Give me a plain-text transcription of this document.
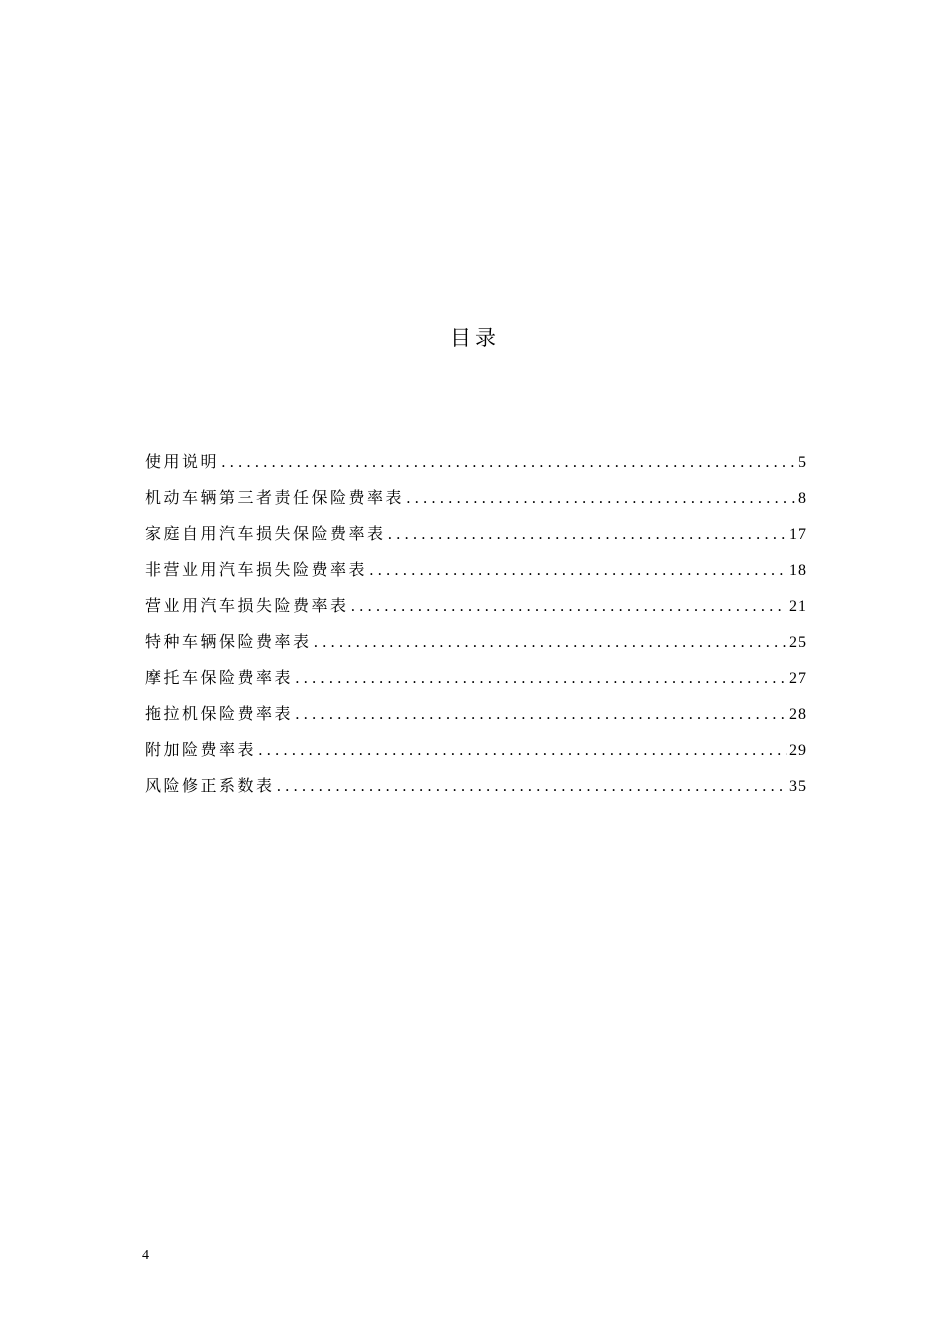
目录
使用说明 .....	5
机动车辆第三者责任保险费率表 .....	8
家庭自用汽车损失保险费率表 .....	17
非营业用汽车损失险费率表 .....	18
营业用汽车损失险费率表 .....	21
特种车辆保险费率表 .....	25
摩托车保险费率表 .....	27
拖拉机保险费率表 .....	28
附加险费率表 .....	29
风险修正系数表 .....	35
4
